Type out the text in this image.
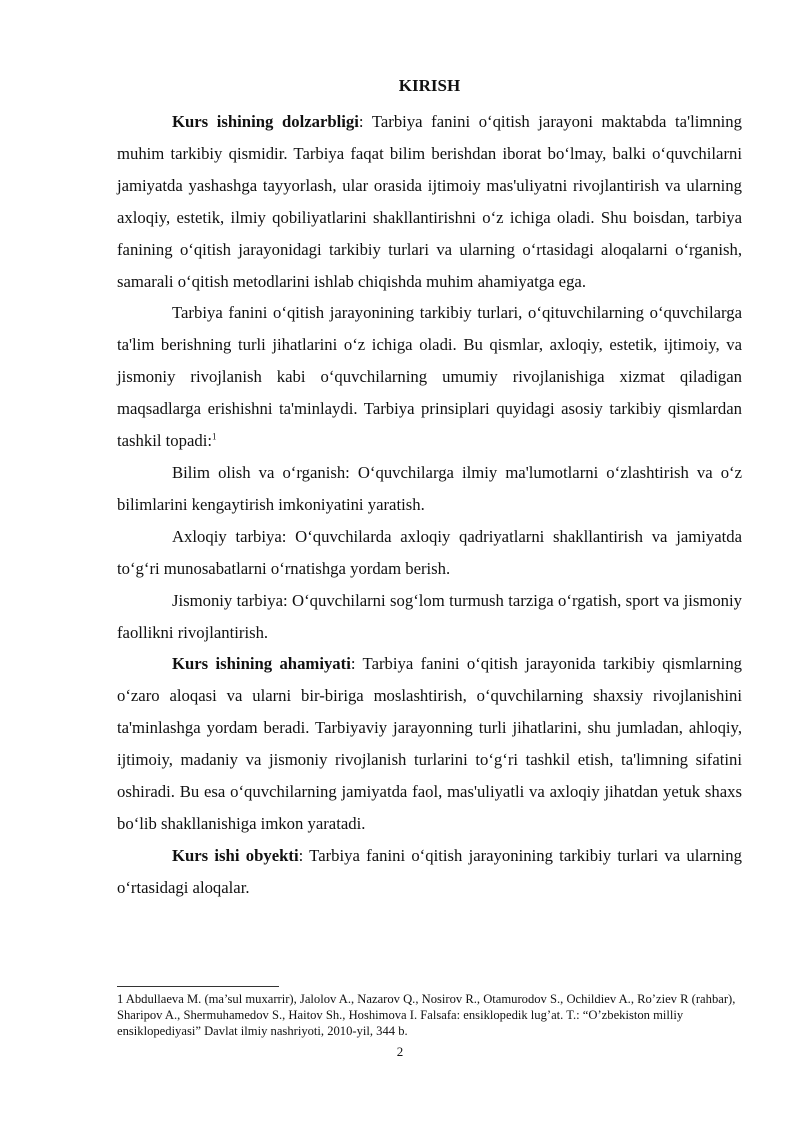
KIRISH

Kurs ishining dolzarbligi: Tarbiya fanini o‘qitish jarayoni maktabda ta'limning muhim tarkibiy qismidir. Tarbiya faqat bilim berishdan iborat bo‘lmay, balki o‘quvchilarni jamiyatda yashashga tayyorlash, ular orasida ijtimoiy mas'uliyatni rivojlantirish va ularning axloqiy, estetik, ilmiy qobiliyatlarini shakllantirishni o‘z ichiga oladi. Shu boisdan, tarbiya fanining o‘qitish jarayonidagi tarkibiy turlari va ularning o‘rtasidagi aloqalarni o‘rganish, samarali o‘qitish metodlarini ishlab chiqishda muhim ahamiyatga ega.

Tarbiya fanini o‘qitish jarayonining tarkibiy turlari, o‘qituvchilarning o‘quvchilarga ta'lim berishning turli jihatlarini o‘z ichiga oladi. Bu qismlar, axloqiy, estetik, ijtimoiy, va jismoniy rivojlanish kabi o‘quvchilarning umumiy rivojlanishiga xizmat qiladigan maqsadlarga erishishni ta'minlaydi. Tarbiya prinsiplari quyidagi asosiy tarkibiy qismlardan tashkil topadi:$^1$

Bilim olish va o‘rganish: O‘quvchilarga ilmiy ma'lumotlarni o‘zlashtirish va o‘z bilimlarini kengaytirish imkoniyatini yaratish.

Axloqiy tarbiya: O‘quvchilarda axloqiy qadriyatlarni shakllantirish va jamiyatda to‘g‘ri munosabatlarni o‘rnatishga yordam berish.

Jismoniy tarbiya: O‘quvchilarni sog‘lom turmush tarziga o‘rgatish, sport va jismoniy faollikni rivojlantirish.

Kurs ishining ahamiyati: Tarbiya fanini o‘qitish jarayonida tarkibiy qismlarning o‘zaro aloqasi va ularni bir-biriga moslashtirish, o‘quvchilarning shaxsiy rivojlanishini ta'minlashga yordam beradi. Tarbiyaviy jarayonning turli jihatlarini, shu jumladan, ahloqiy, ijtimoiy, madaniy va jismoniy rivojlanish turlarini to‘g‘ri tashkil etish, ta'limning sifatini oshiradi. Bu esa o‘quvchilarning jamiyatda faol, mas'uliyatli va axloqiy jihatdan yetuk shaxs bo‘lib shakllanishiga imkon yaratadi.

Kurs ishi obyekti: Tarbiya fanini o‘qitish jarayonining tarkibiy turlari va ularning o‘rtasidagi aloqalar.

1 Abdullaeva M. (ma’sul muxarrir), Jalolov A., Nazarov Q., Nosirov R., Otamurodov S., Ochildiev A., Ro’ziev R (rahbar), Sharipov A., Shermuhamedov S., Haitov Sh., Hoshimova I. Falsafa: ensiklopedik lug’at. T.: “O’zbekiston milliy ensiklopediyasi” Davlat ilmiy nashriyoti, 2010-yil, 344 b.

2
